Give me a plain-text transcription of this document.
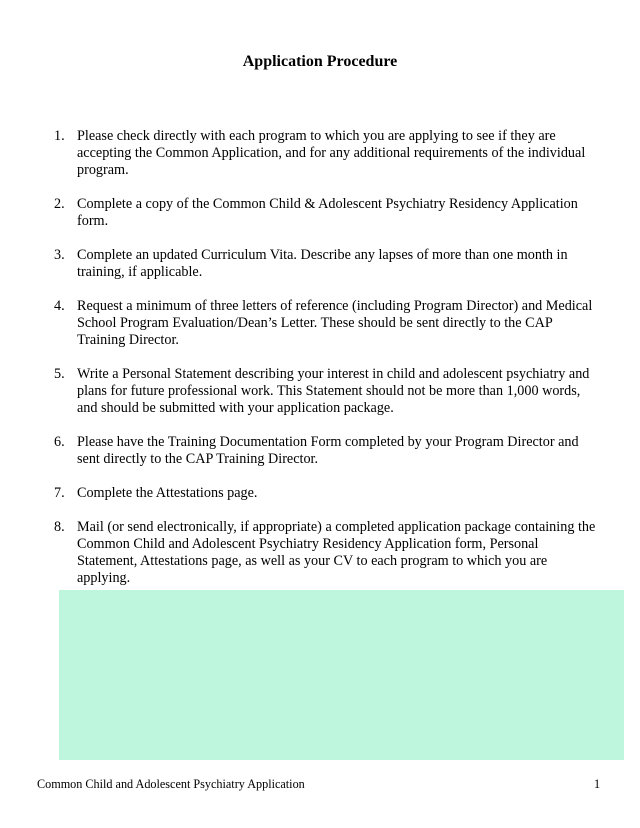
Application Procedure
1. Please check directly with each program to which you are applying to see if they are accepting the Common Application, and for any additional requirements of the individual program.
2. Complete a copy of the Common Child & Adolescent Psychiatry Residency Application form.
3. Complete an updated Curriculum Vita. Describe any lapses of more than one month in training, if applicable.
4. Request a minimum of three letters of reference (including Program Director) and Medical School Program Evaluation/Dean’s Letter. These should be sent directly to the CAP Training Director.
5. Write a Personal Statement describing your interest in child and adolescent psychiatry and plans for future professional work. This Statement should not be more than 1,000 words, and should be submitted with your application package.
6. Please have the Training Documentation Form completed by your Program Director and sent directly to the CAP Training Director.
7. Complete the Attestations page.
8. Mail (or send electronically, if appropriate) a completed application package containing the Common Child and Adolescent Psychiatry Residency Application form, Personal Statement, Attestations page, as well as your CV to each program to which you are applying.
Common Child and Adolescent Psychiatry Application	1
